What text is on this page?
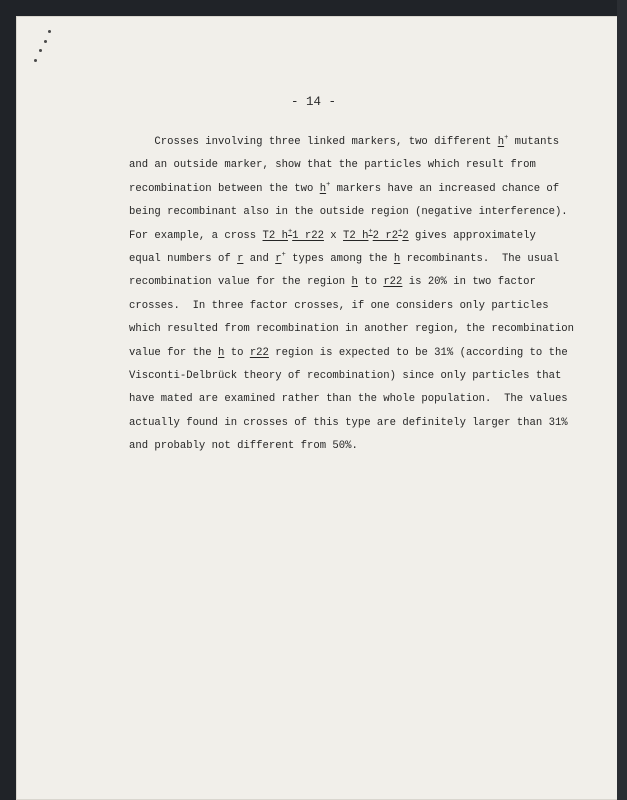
- 14 -
Crosses involving three linked markers, two different h+ mutants
and an outside marker, show that the particles which result from
recombination between the two h+ markers have an increased chance of
being recombinant also in the outside region (negative interference).
For example, a cross T2 h+1 r22 x T2 h+2 r2+2 gives approximately
equal numbers of r and r+ types among the h recombinants.  The usual
recombination value for the region h to r22 is 20% in two factor
crosses.  In three factor crosses, if one considers only particles
which resulted from recombination in another region, the recombination
value for the h to r22 region is expected to be 31% (according to the
Visconti-Delbrück theory of recombination) since only particles that
have mated are examined rather than the whole population.  The values
actually found in crosses of this type are definitely larger than 31%
and probably not different from 50%.
